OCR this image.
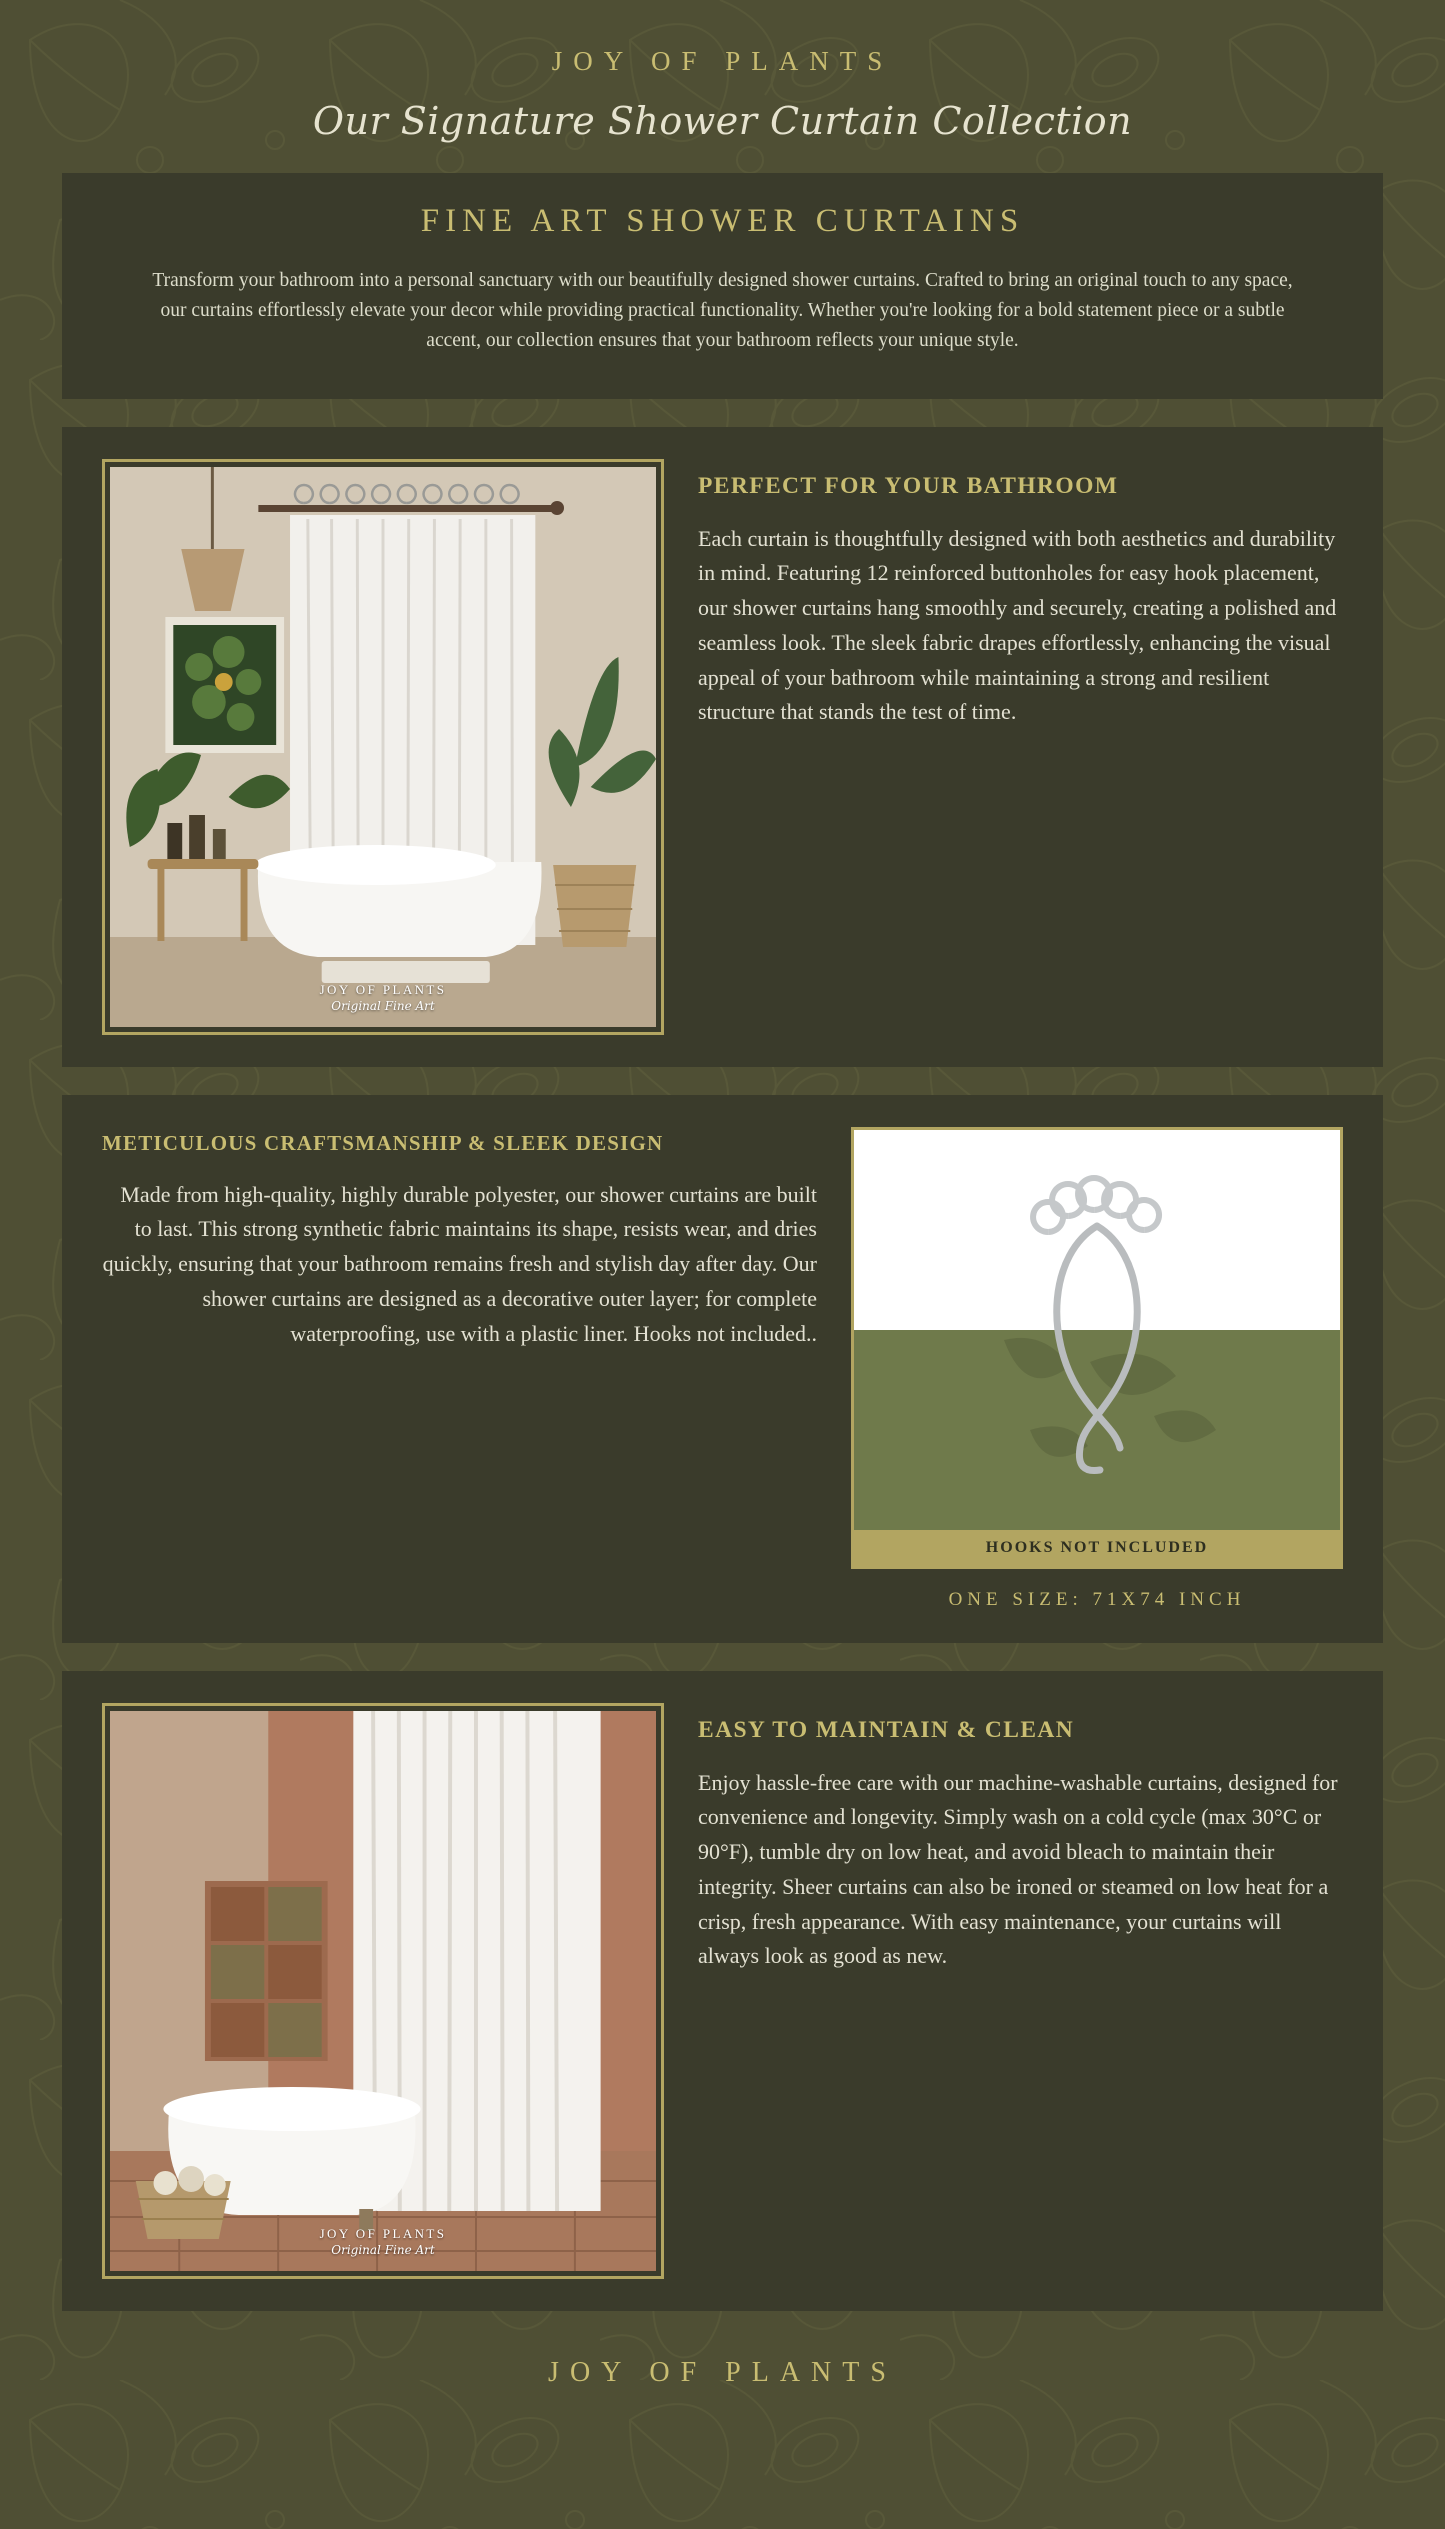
JOY OF PLANTS
Our Signature Shower Curtain Collection
FINE ART SHOWER CURTAINS

Transform your bathroom into a personal sanctuary with our beautifully designed shower curtains. Crafted to bring an original touch to any space, our curtains effortlessly elevate your decor while providing practical functionality. Whether you're looking for a bold statement piece or a subtle accent, our collection ensures that your bathroom reflects your unique style.

JOY OF PLANTS
Original Fine Art
PERFECT FOR YOUR BATHROOM

Each curtain is thoughtfully designed with both aesthetics and durability in mind. Featuring 12 reinforced buttonholes for easy hook placement, our shower curtains hang smoothly and securely, creating a polished and seamless look. The sleek fabric drapes effortlessly, enhancing the visual appeal of your bathroom while maintaining a strong and resilient structure that stands the test of time.

METICULOUS CRAFTSMANSHIP & SLEEK DESIGN

Made from high-quality, highly durable polyester, our shower curtains are built to last. This strong synthetic fabric maintains its shape, resists wear, and dries quickly, ensuring that your bathroom remains fresh and stylish day after day. Our shower curtains are designed as a decorative outer layer; for complete waterproofing, use with a plastic liner. Hooks not included..

HOOKS NOT INCLUDED
ONE SIZE: 71X74 INCH
JOY OF PLANTS
Original Fine Art
EASY TO MAINTAIN & CLEAN

Enjoy hassle-free care with our machine-washable curtains, designed for convenience and longevity. Simply wash on a cold cycle (max 30°C or 90°F), tumble dry on low heat, and avoid bleach to maintain their integrity. Sheer curtains can also be ironed or steamed on low heat for a crisp, fresh appearance. With easy maintenance, your curtains will always look as good as new.

JOY OF PLANTS
